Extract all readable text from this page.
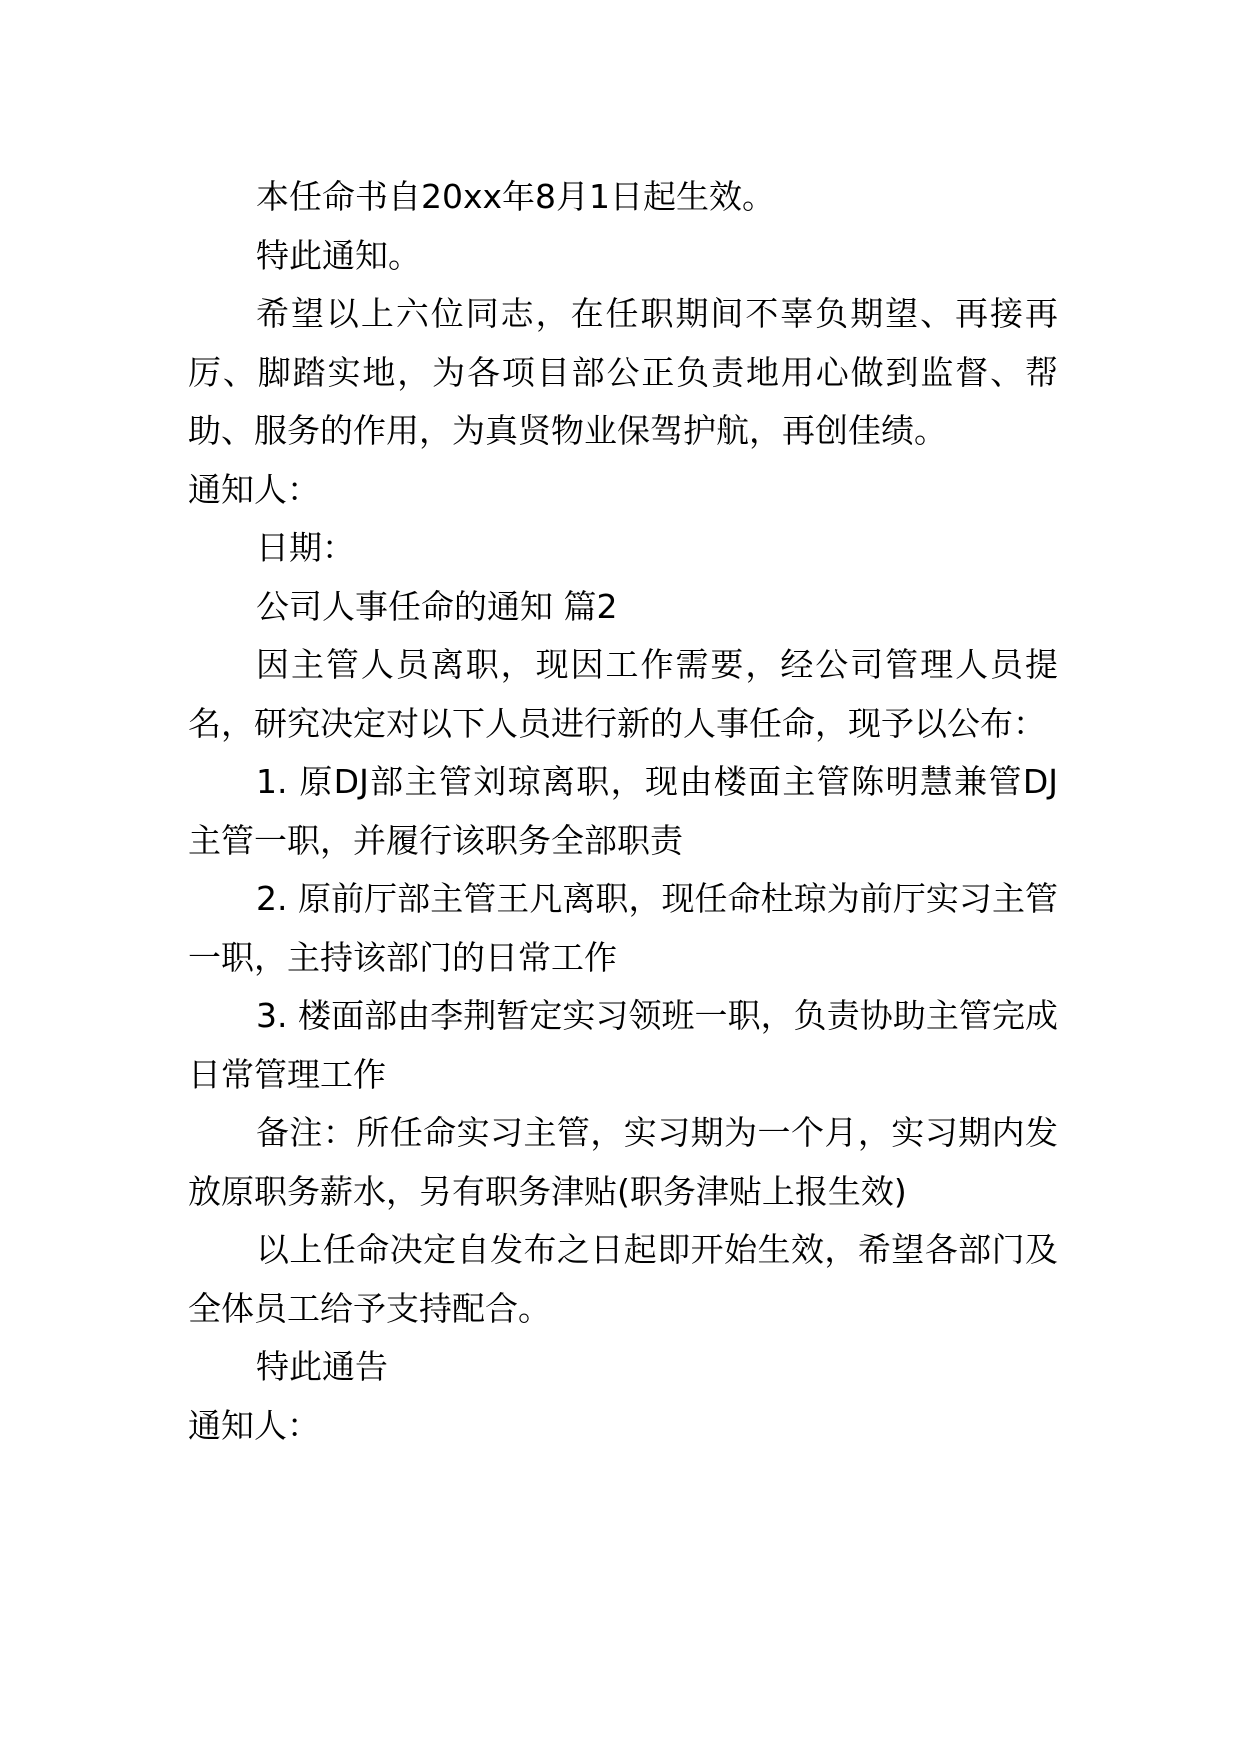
本任命书自20xx年8月1日起生效。

特此通知。

希望以上六位同志，在任职期间不辜负期望、再接再厉、脚踏实地，为各项目部公正负责地用心做到监督、帮助、服务的作用，为真贤物业保驾护航，再创佳绩。

通知人：

日期：

公司人事任命的通知 篇2

因主管人员离职，现因工作需要，经公司管理人员提名，研究决定对以下人员进行新的人事任命，现予以公布：

1. 原DJ部主管刘琼离职，现由楼面主管陈明慧兼管DJ主管一职，并履行该职务全部职责

2. 原前厅部主管王凡离职，现任命杜琼为前厅实习主管一职，主持该部门的日常工作

3. 楼面部由李荆暂定实习领班一职，负责协助主管完成日常管理工作

备注：所任命实习主管，实习期为一个月，实习期内发放原职务薪水，另有职务津贴(职务津贴上报生效)

以上任命决定自发布之日起即开始生效，希望各部门及全体员工给予支持配合。

特此通告

通知人：
